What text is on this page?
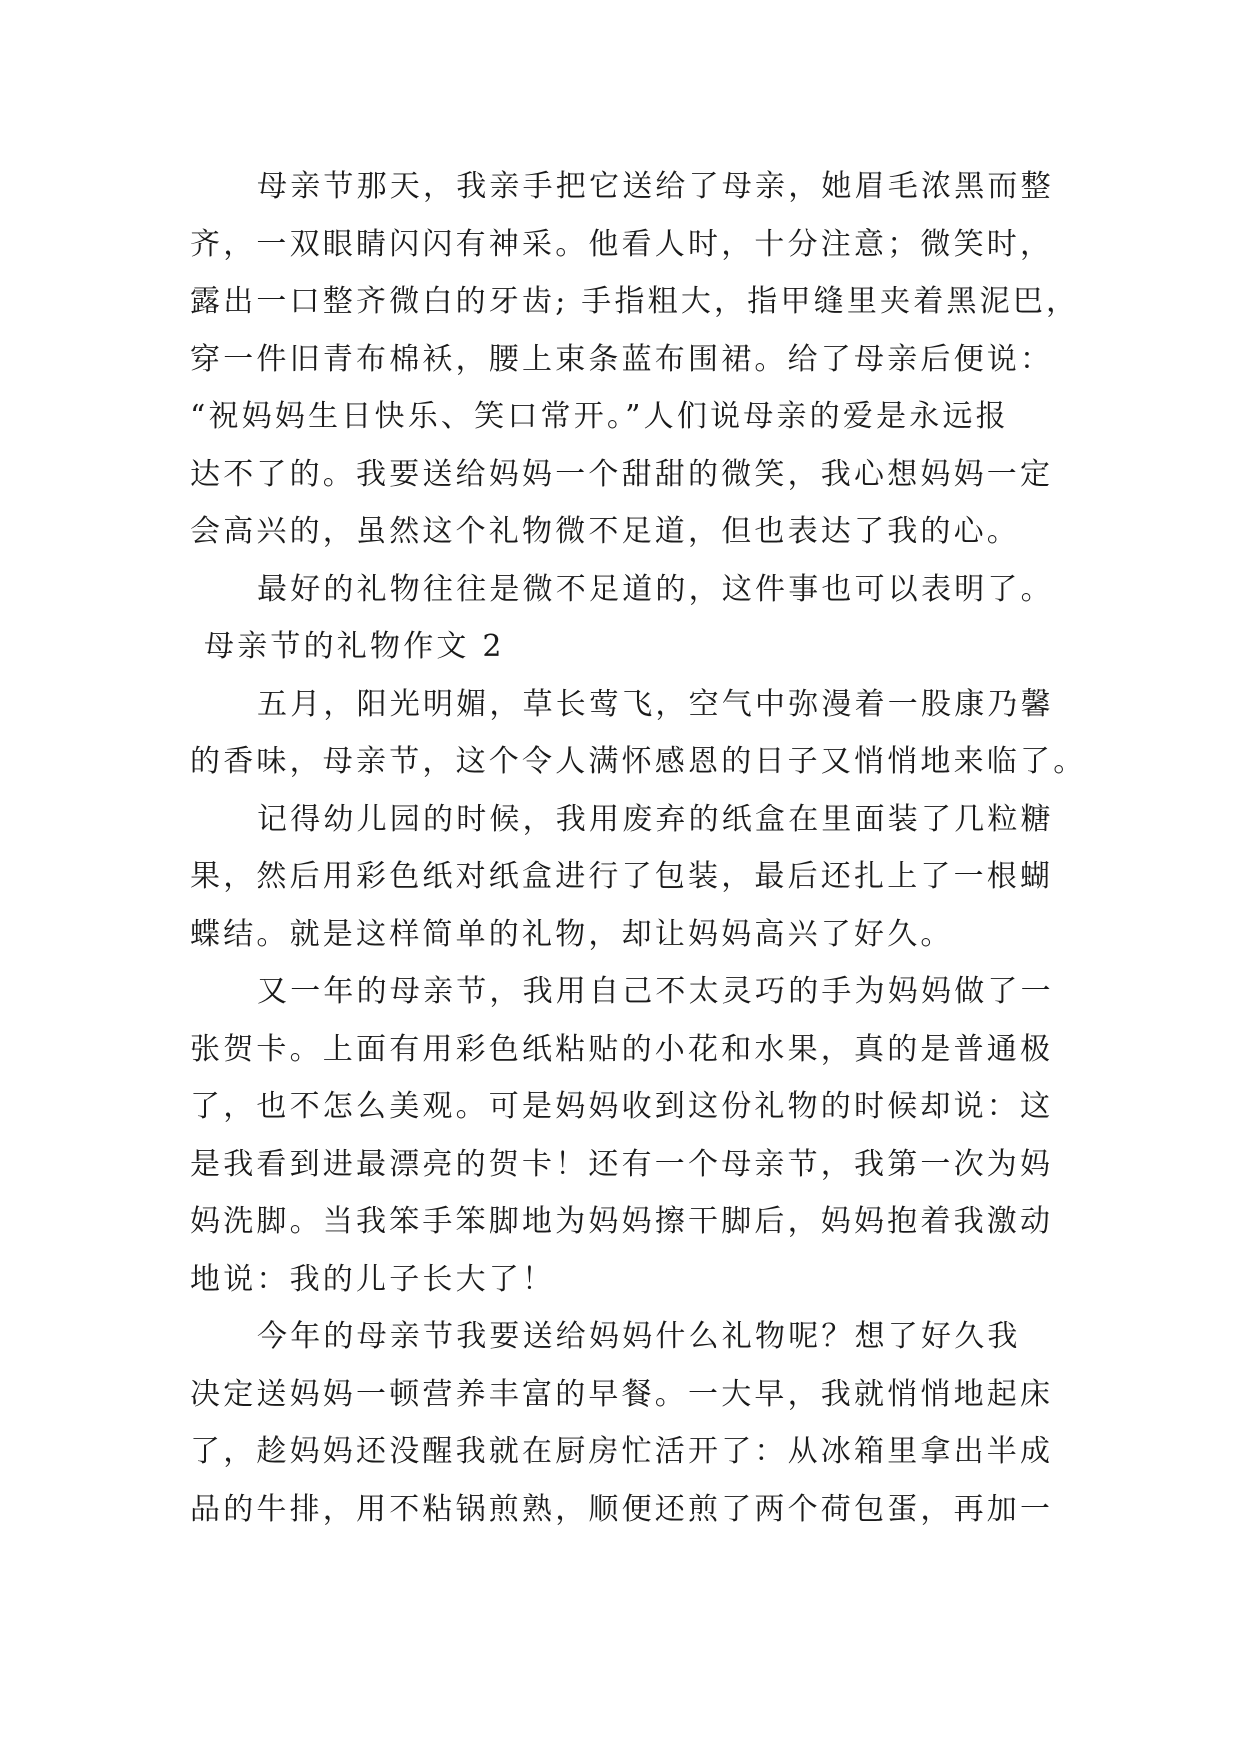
母亲节那天，我亲手把它送给了母亲，她眉毛浓黑而整
齐，一双眼睛闪闪有神采。他看人时，十分注意；微笑时，
露出一口整齐微白的牙齿; 手指粗大，指甲缝里夹着黑泥巴，
穿一件旧青布棉袄，腰上束条蓝布围裙。给了母亲后便说：
“祝妈妈生日快乐、笑口常开。”人们说母亲的爱是永远报
达不了的。我要送给妈妈一个甜甜的微笑，我心想妈妈一定
会高兴的，虽然这个礼物微不足道，但也表达了我的心。
最好的礼物往往是微不足道的，这件事也可以表明了。
母亲节的礼物作文 2
五月，阳光明媚，草长莺飞，空气中弥漫着一股康乃馨
的香味，母亲节，这个令人满怀感恩的日子又悄悄地来临了。
记得幼儿园的时候，我用废弃的纸盒在里面装了几粒糖
果，然后用彩色纸对纸盒进行了包装，最后还扎上了一根蝴
蝶结。就是这样简单的礼物，却让妈妈高兴了好久。
又一年的母亲节，我用自己不太灵巧的手为妈妈做了一
张贺卡。上面有用彩色纸粘贴的小花和水果，真的是普通极
了，也不怎么美观。可是妈妈收到这份礼物的时候却说：这
是我看到进最漂亮的贺卡！还有一个母亲节，我第一次为妈
妈洗脚。当我笨手笨脚地为妈妈擦干脚后，妈妈抱着我激动
地说：我的儿子长大了！
今年的母亲节我要送给妈妈什么礼物呢？想了好久我
决定送妈妈一顿营养丰富的早餐。一大早，我就悄悄地起床
了，趁妈妈还没醒我就在厨房忙活开了：从冰箱里拿出半成
品的牛排，用不粘锅煎熟，顺便还煎了两个荷包蛋，再加一
